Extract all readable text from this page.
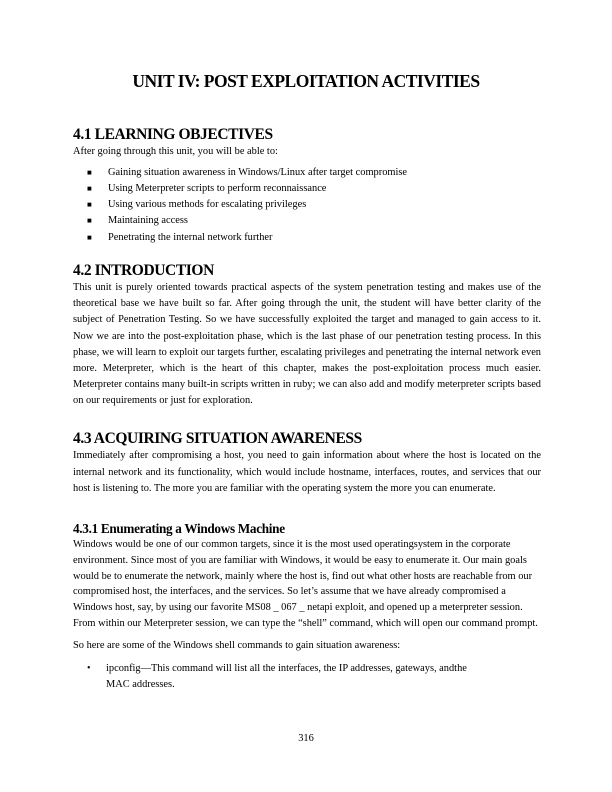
UNIT IV: POST EXPLOITATION ACTIVITIES
4.1 LEARNING OBJECTIVES

After going through this unit, you will be able to:

■ Gaining situation awareness in Windows/Linux after target compromise
■ Using Meterpreter scripts to perform reconnaissance
■ Using various methods for escalating privileges
■ Maintaining access
■ Penetrating the internal network further
4.2 INTRODUCTION

This unit is purely oriented towards practical aspects of the system penetration testing and makes use of the theoretical base we have built so far. After going through the unit, the student will have better clarity of the subject of Penetration Testing. So we have successfully exploited the target and managed to gain access to it. Now we are into the post-exploitation phase, which is the last phase of our penetration testing process. In this phase, we will learn to exploit our targets further, escalating privileges and penetrating the internal network even more. Meterpreter, which is the heart of this chapter, makes the post-exploitation process much easier. Meterpreter contains many built-in scripts written in ruby; we can also add and modify meterpreter scripts based on our requirements or just for exploration.

4.3 ACQUIRING SITUATION AWARENESS

Immediately after compromising a host, you need to gain information about where the host is located on the internal network and its functionality, which would include hostname, interfaces, routes, and services that our host is listening to. The more you are familiar with the operating system the more you can enumerate.

4.3.1 Enumerating a Windows Machine

Windows would be one of our common targets, since it is the most used operatingsystem in the corporate environment. Since most of you are familiar with Windows, it would be easy to enumerate it. Our main goals would be to enumerate the network, mainly where the host is, find out what other hosts are reachable from our compromised host, the interfaces, and the services. So let’s assume that we have already compromised a Windows host, say, by using our favorite MS08 _ 067 _ netapi exploit, and opened up a meterpreter session. From within our Meterpreter session, we can type the “shell” command, which will open our command prompt.

So here are some of the Windows shell commands to gain situation awareness:

• ipconfig—This command will list all the interfaces, the IP addresses, gateways, andthe MAC addresses.
316
